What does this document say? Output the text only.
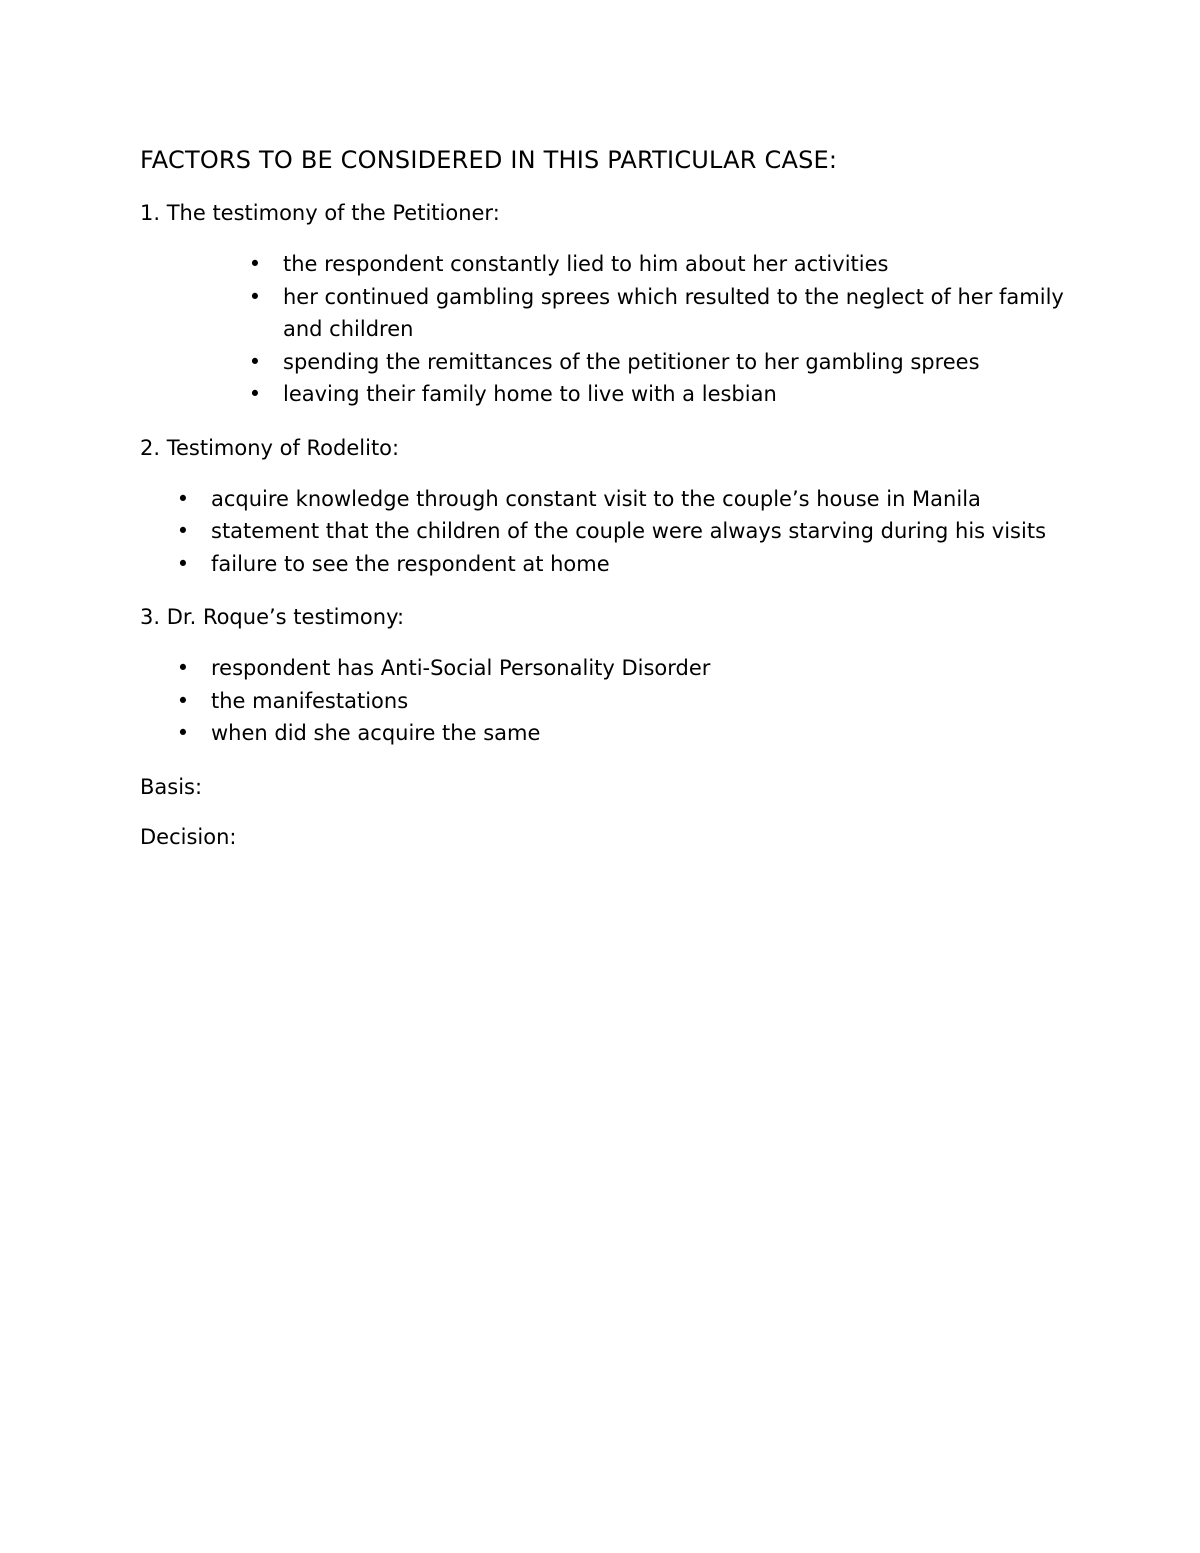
FACTORS TO BE CONSIDERED IN THIS PARTICULAR CASE:
1. The testimony of the Petitioner:
• the respondent constantly lied to him about her activities
• her continued gambling sprees which resulted to the neglect of her family and children
• spending the remittances of the petitioner to her gambling sprees
• leaving their family home to live with a lesbian
2. Testimony of Rodelito:
• acquire knowledge through constant visit to the couple’s house in Manila
• statement that the children of the couple were always starving during his visits
• failure to see the respondent at home
3. Dr. Roque’s testimony:
• respondent has Anti-Social Personality Disorder
• the manifestations
• when did she acquire the same
Basis:
Decision:
